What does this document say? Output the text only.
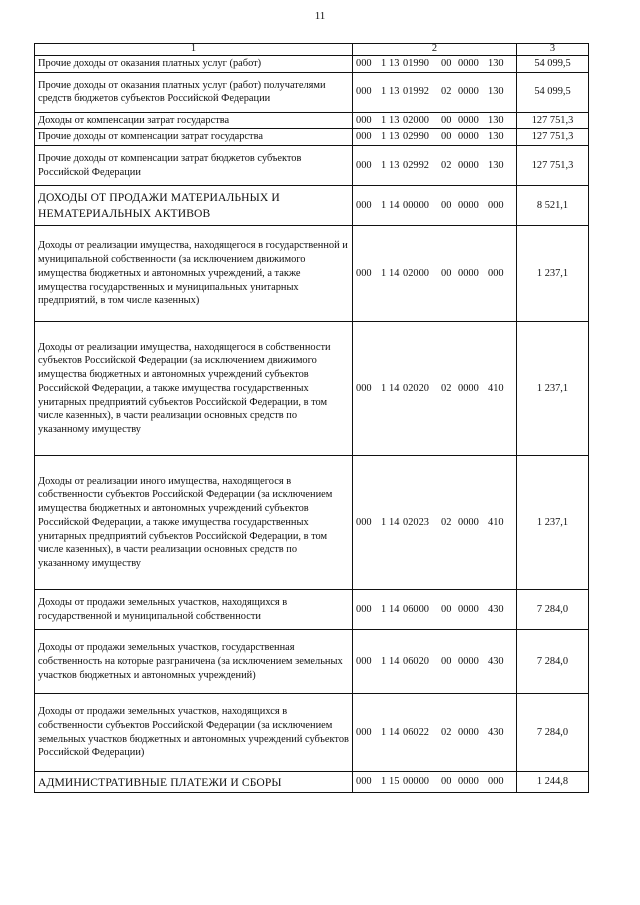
11
1	2	3
Прочие доходы от оказания платных услуг (работ)	000 1 13 01990 00 0000 130	54 099,5
Прочие доходы от оказания платных услуг (работ) получателями средств бюджетов субъектов Российской Федерации	000 1 13 01992 02 0000 130	54 099,5
Доходы от компенсации затрат государства	000 1 13 02000 00 0000 130	127 751,3
Прочие доходы от компенсации затрат государства	000 1 13 02990 00 0000 130	127 751,3
Прочие доходы от компенсации затрат бюджетов субъектов Российской Федерации	000 1 13 02992 02 0000 130	127 751,3
ДОХОДЫ ОТ ПРОДАЖИ МАТЕРИАЛЬНЫХ И НЕМАТЕРИАЛЬНЫХ АКТИВОВ	000 1 14 00000 00 0000 000	8 521,1
Доходы от реализации имущества, находящегося в государственной и муниципальной собственности (за исключением движимого имущества бюджетных и автономных учреждений, а также имущества государственных и муниципальных унитарных предприятий, в том числе казенных)	000 1 14 02000 00 0000 000	1 237,1
Доходы от реализации имущества, находящегося в собственности субъектов Российской Федерации (за исключением движимого имущества бюджетных и автономных учреждений субъектов Российской Федерации, а также имущества государственных унитарных предприятий субъектов Российской Федерации, в том числе казенных), в части реализации основных средств по указанному имуществу	000 1 14 02020 02 0000 410	1 237,1
Доходы от реализации иного имущества, находящегося в собственности субъектов Российской Федерации (за исключением имущества бюджетных и автономных учреждений субъектов Российской Федерации, а также имущества государственных унитарных предприятий субъектов Российской Федерации, в том числе казенных), в части реализации основных средств по указанному имуществу	000 1 14 02023 02 0000 410	1 237,1
Доходы от продажи земельных участков, находящихся в государственной и муниципальной собственности	000 1 14 06000 00 0000 430	7 284,0
Доходы от продажи земельных участков, государственная собственность на которые разграничена (за исключением земельных участков бюджетных и автономных учреждений)	000 1 14 06020 00 0000 430	7 284,0
Доходы от продажи земельных участков, находящихся в собственности субъектов Российской Федерации (за исключением земельных участков бюджетных и автономных учреждений субъектов Российской Федерации)	000 1 14 06022 02 0000 430	7 284,0
АДМИНИСТРАТИВНЫЕ ПЛАТЕЖИ И СБОРЫ	000 1 15 00000 00 0000 000	1 244,8
